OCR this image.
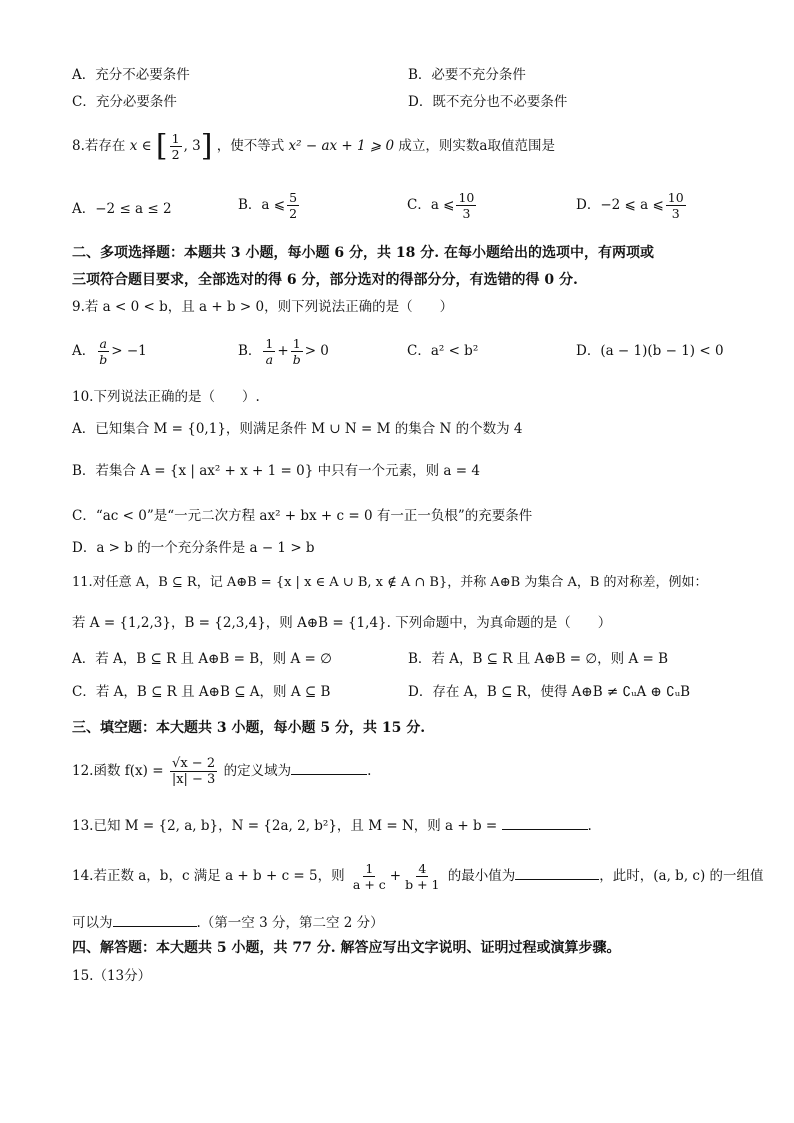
A．充分不必要条件	B．必要不充分条件
C．充分必要条件	D．既不充分也不必要条件
8.若存在 x ∈ [ $\frac{1}{2}$ , 3] ，使不等式 x² − ax + 1 ⩾ 0 成立，则实数a取值范围是
A．−2 ≤ a ≤ 2	B．a ⩽ $\frac{5}{2}$	C．a ⩽ $\frac{10}{3}$	D．−2 ⩽ a ⩽ $\frac{10}{3}$
二、多项选择题：本题共 3 小题，每小题 6 分，共 18 分. 在每小题给出的选项中，有两项或
三项符合题目要求，全部选对的得 6 分，部分选对的得部分分，有选错的得 0 分.
9.若 a < 0 < b，且 a + b > 0，则下列说法正确的是（　　）
A． $\frac{a}{b} > -1$	B． $\frac{1}{a} + \frac{1}{b} > 0$	C．a² < b²	D．(a − 1)(b − 1) < 0
10.下列说法正确的是（　　）.
A．已知集合 M = {0,1}，则满足条件 M ∪ N = M 的集合 N 的个数为 4
B．若集合 A = {x | ax² + x + 1 = 0} 中只有一个元素，则 a = 4
C．“ac < 0”是“一元二次方程 ax² + bx + c = 0 有一正一负根”的充要条件
D．a > b 的一个充分条件是 a − 1 > b
11.对任意 A，B ⊆ R，记 A⊕B = {x | x ∈ A ∪ B, x ∉ A ∩ B}，并称 A⊕B 为集合 A，B 的对称差，例如：
若 A = {1,2,3}，B = {2,3,4}，则 A⊕B = {1,4}. 下列命题中，为真命题的是（　　）
A．若 A，B ⊆ R 且 A⊕B = B，则 A = ∅	B．若 A，B ⊆ R 且 A⊕B = ∅，则 A = B
C．若 A，B ⊆ R 且 A⊕B ⊆ A，则 A ⊆ B	D．存在 A，B ⊆ R，使得 A⊕B ≠ ∁ᵤA ⊕ ∁ᵤB
三、填空题：本大题共 3 小题，每小题 5 分，共 15 分.
12.函数 $f(x) = \frac{√x - 2}{|x| - 3}$ 的定义域为	.
13.已知 M = {2, a, b}，N = {2a, 2, b²}，且 M = N，则 a + b =	.
14.若正数 a，b，c 满足 a + b + c = 5，则 $\frac{1}{a + c} + \frac{4}{b + 1}$ 的最小值为	，此时，(a, b, c) 的一组值
可以为	.（第一空 3 分，第二空 2 分）
四、解答题：本大题共 5 小题，共 77 分. 解答应写出文字说明、证明过程或演算步骤。
15.（13分）
